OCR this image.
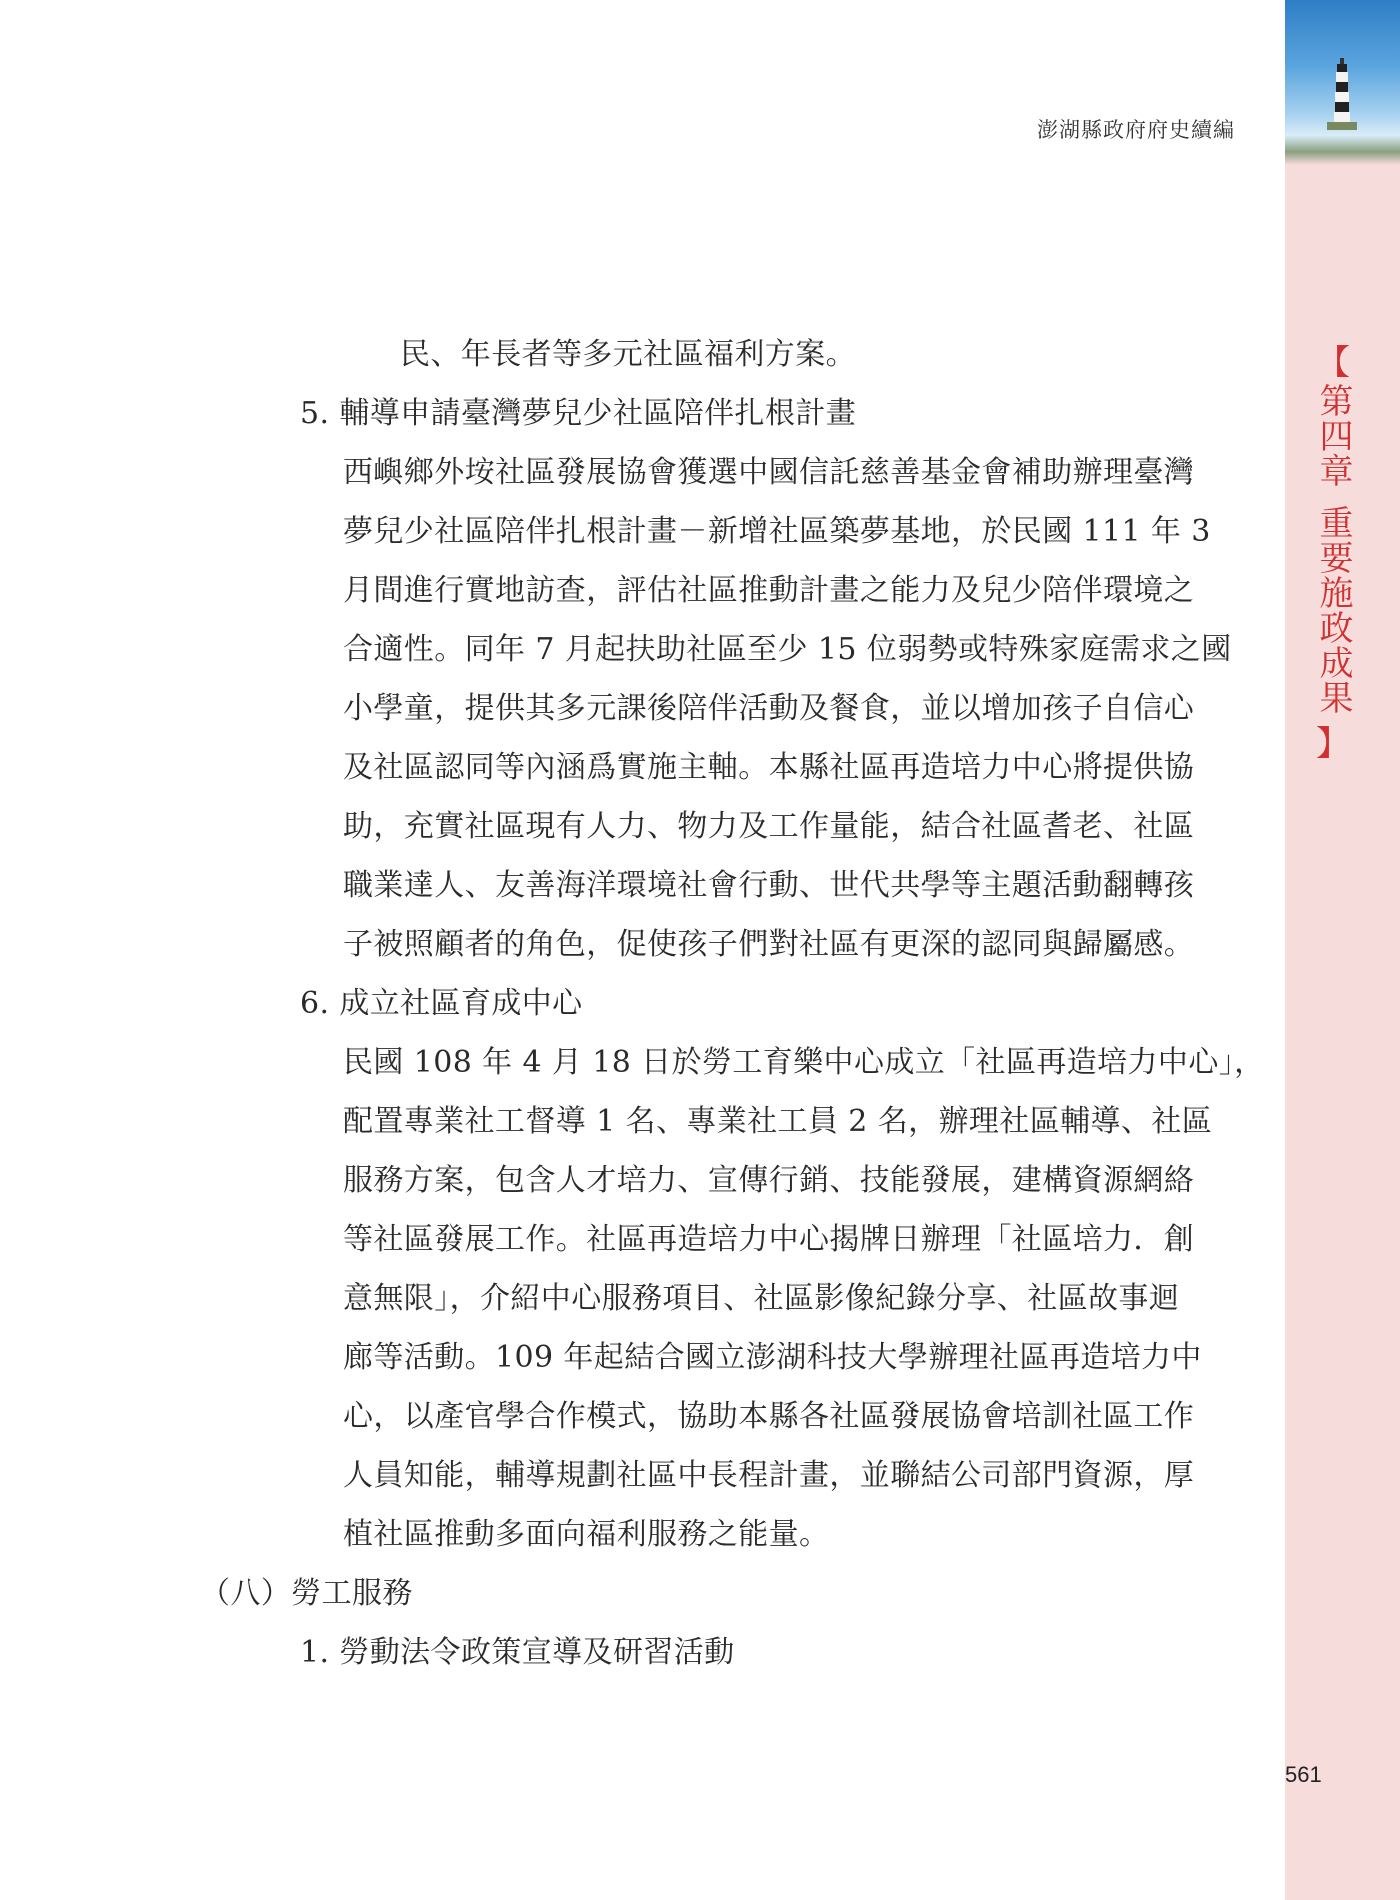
澎湖縣政府府史續編
【
第四章
重要施政成果
】
民、年長者等多元社區福利方案。
5. 輔導申請臺灣夢兒少社區陪伴扎根計畫
西嶼鄉外垵社區發展協會獲選中國信託慈善基金會補助辦理臺灣
夢兒少社區陪伴扎根計畫－新增社區築夢基地，於民國 111 年 3
月間進行實地訪查，評估社區推動計畫之能力及兒少陪伴環境之
合適性。同年 7 月起扶助社區至少 15 位弱勢或特殊家庭需求之國
小學童，提供其多元課後陪伴活動及餐食，並以增加孩子自信心
及社區認同等內涵爲實施主軸。本縣社區再造培力中心將提供協
助，充實社區現有人力、物力及工作量能，結合社區耆老、社區
職業達人、友善海洋環境社會行動、世代共學等主題活動翻轉孩
子被照顧者的角色，促使孩子們對社區有更深的認同與歸屬感。
6. 成立社區育成中心
民國 108 年 4 月 18 日於勞工育樂中心成立「社區再造培力中心」，
配置專業社工督導 1 名、專業社工員 2 名，辦理社區輔導、社區
服務方案，包含人才培力、宣傳行銷、技能發展，建構資源網絡
等社區發展工作。社區再造培力中心揭牌日辦理「社區培力．創
意無限」，介紹中心服務項目、社區影像紀錄分享、社區故事迴
廊等活動。109 年起結合國立澎湖科技大學辦理社區再造培力中
心，以產官學合作模式，協助本縣各社區發展協會培訓社區工作
人員知能，輔導規劃社區中長程計畫，並聯結公司部門資源，厚
植社區推動多面向福利服務之能量。
（八）勞工服務
1. 勞動法令政策宣導及研習活動
561
